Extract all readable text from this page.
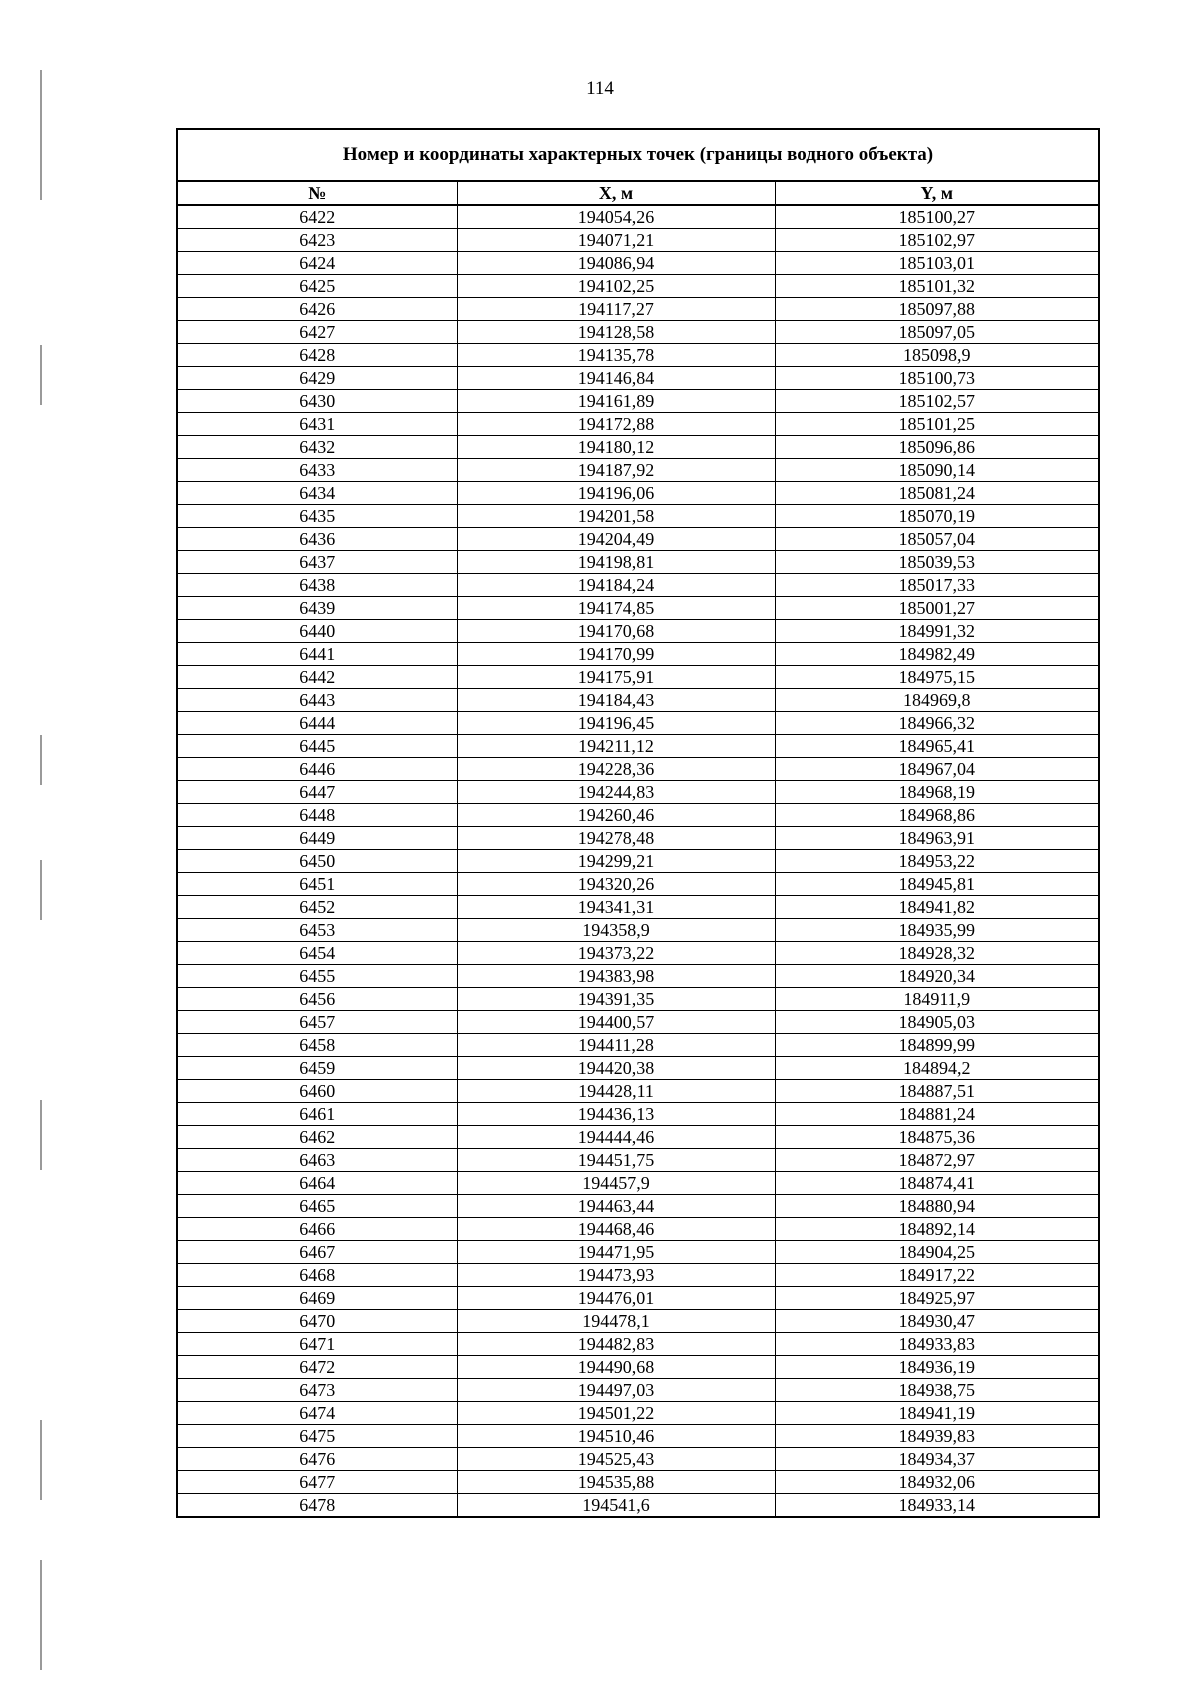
114
Номер и координаты характерных точек (границы водного объекта)		
№	X, м	Y, м
6422	194054,26	185100,27
6423	194071,21	185102,97
6424	194086,94	185103,01
6425	194102,25	185101,32
6426	194117,27	185097,88
6427	194128,58	185097,05
6428	194135,78	185098,9
6429	194146,84	185100,73
6430	194161,89	185102,57
6431	194172,88	185101,25
6432	194180,12	185096,86
6433	194187,92	185090,14
6434	194196,06	185081,24
6435	194201,58	185070,19
6436	194204,49	185057,04
6437	194198,81	185039,53
6438	194184,24	185017,33
6439	194174,85	185001,27
6440	194170,68	184991,32
6441	194170,99	184982,49
6442	194175,91	184975,15
6443	194184,43	184969,8
6444	194196,45	184966,32
6445	194211,12	184965,41
6446	194228,36	184967,04
6447	194244,83	184968,19
6448	194260,46	184968,86
6449	194278,48	184963,91
6450	194299,21	184953,22
6451	194320,26	184945,81
6452	194341,31	184941,82
6453	194358,9	184935,99
6454	194373,22	184928,32
6455	194383,98	184920,34
6456	194391,35	184911,9
6457	194400,57	184905,03
6458	194411,28	184899,99
6459	194420,38	184894,2
6460	194428,11	184887,51
6461	194436,13	184881,24
6462	194444,46	184875,36
6463	194451,75	184872,97
6464	194457,9	184874,41
6465	194463,44	184880,94
6466	194468,46	184892,14
6467	194471,95	184904,25
6468	194473,93	184917,22
6469	194476,01	184925,97
6470	194478,1	184930,47
6471	194482,83	184933,83
6472	194490,68	184936,19
6473	194497,03	184938,75
6474	194501,22	184941,19
6475	194510,46	184939,83
6476	194525,43	184934,37
6477	194535,88	184932,06
6478	194541,6	184933,14
